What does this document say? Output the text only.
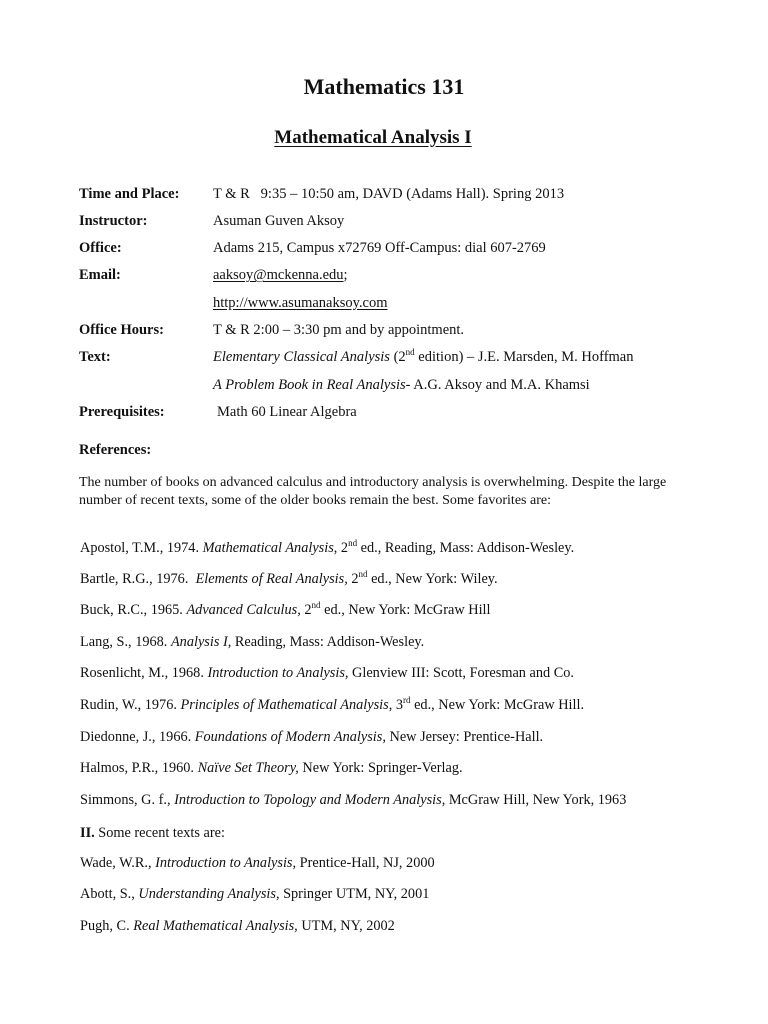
Mathematics 131
Mathematical Analysis I
Time and Place: T & R   9:35 – 10:50 am, DAVD (Adams Hall). Spring 2013
Instructor:	Asuman Guven Aksoy
Office:	Adams 215, Campus x72769 Off-Campus: dial 607-2769
Email:	aaksoy@mckenna.edu;
http://www.asumanaksoy.com
Office Hours:	T & R 2:00 – 3:30 pm and by appointment.
Text:	Elementary Classical Analysis (2nd edition) – J.E. Marsden, M. Hoffman
A Problem Book in Real Analysis- A.G. Aksoy and M.A. Khamsi
Prerequisites:	Math 60 Linear Algebra
References:
The number of books on advanced calculus and introductory analysis is overwhelming. Despite the large number of recent texts, some of the older books remain the best. Some favorites are:
Apostol, T.M., 1974. Mathematical Analysis, 2nd ed., Reading, Mass: Addison-Wesley.
Bartle, R.G., 1976.  Elements of Real Analysis, 2nd ed., New York: Wiley.
Buck, R.C., 1965. Advanced Calculus, 2nd ed., New York: McGraw Hill
Lang, S., 1968. Analysis I, Reading, Mass: Addison-Wesley.
Rosenlicht, M., 1968. Introduction to Analysis, Glenview III: Scott, Foresman and Co.
Rudin, W., 1976. Principles of Mathematical Analysis, 3rd ed., New York: McGraw Hill.
Diedonne, J., 1966. Foundations of Modern Analysis, New Jersey: Prentice-Hall.
Halmos, P.R., 1960. Naïve Set Theory, New York: Springer-Verlag.
Simmons, G. f., Introduction to Topology and Modern Analysis, McGraw Hill, New York, 1963
II. Some recent texts are:
Wade, W.R., Introduction to Analysis, Prentice-Hall, NJ, 2000
Abott, S., Understanding Analysis, Springer UTM, NY, 2001
Pugh, C. Real Mathematical Analysis, UTM, NY, 2002
